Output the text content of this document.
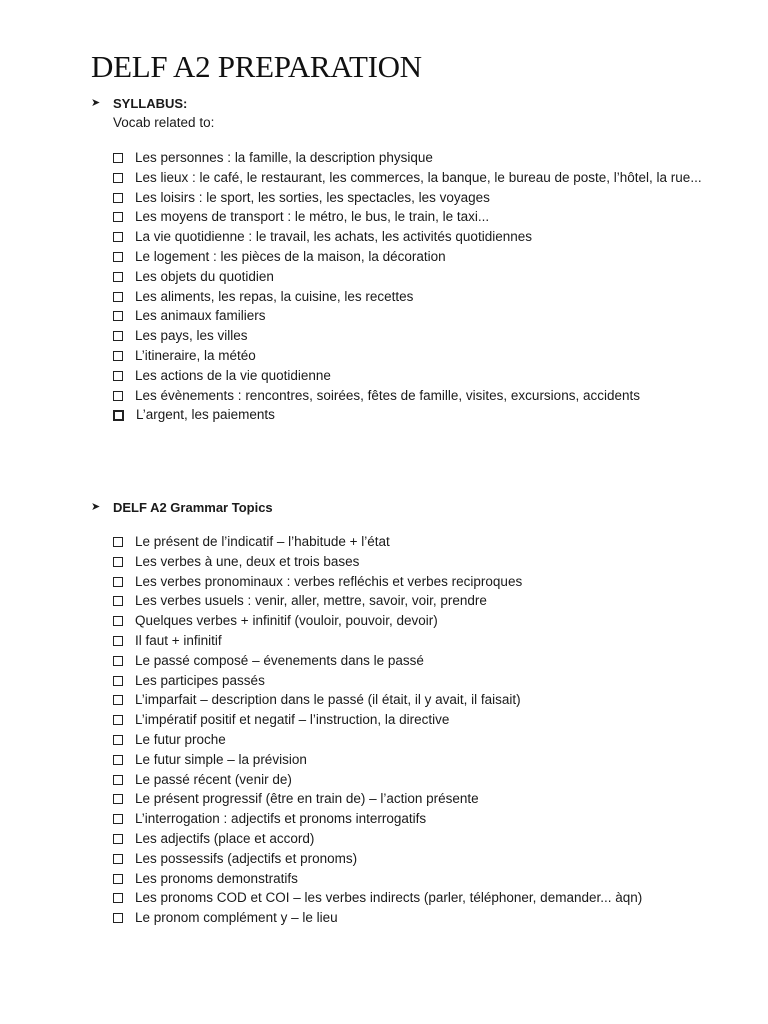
DELF A2 PREPARATION
➤ SYLLABUS:
Vocab related to:
Les personnes : la famille, la description physique
Les lieux : le café, le restaurant, les commerces, la banque, le bureau de poste, l’hôtel, la rue...
Les loisirs : le sport, les sorties, les spectacles, les voyages
Les moyens de transport : le métro, le bus, le train, le taxi...
La vie quotidienne : le travail, les achats, les activités quotidiennes
Le logement : les pièces de la maison, la décoration
Les objets du quotidien
Les aliments, les repas, la cuisine, les recettes
Les animaux familiers
Les pays, les villes
L’itineraire, la météo
Les actions de la vie quotidienne
Les évènements : rencontres, soirées, fêtes de famille, visites, excursions, accidents
L’argent, les paiements
➤ DELF A2 Grammar Topics
Le présent de l’indicatif – l’habitude + l’état
Les verbes à une, deux et trois bases
Les verbes pronominaux : verbes refléchis et verbes reciproques
Les verbes usuels : venir, aller, mettre, savoir, voir, prendre
Quelques verbes + infinitif (vouloir, pouvoir, devoir)
Il faut + infinitif
Le passé composé – évenements dans le passé
Les participes passés
L’imparfait – description dans le passé (il était, il y avait, il faisait)
L’impératif positif et negatif – l’instruction, la directive
Le futur proche
Le futur simple – la prévision
Le passé récent (venir de)
Le présent progressif (être en train de) – l’action présente
L’interrogation : adjectifs et pronoms interrogatifs
Les adjectifs (place et accord)
Les possessifs (adjectifs et pronoms)
Les pronoms demonstratifs
Les pronoms COD et COI – les verbes indirects (parler, téléphoner, demander... àqn)
Le pronom complément y – le lieu
